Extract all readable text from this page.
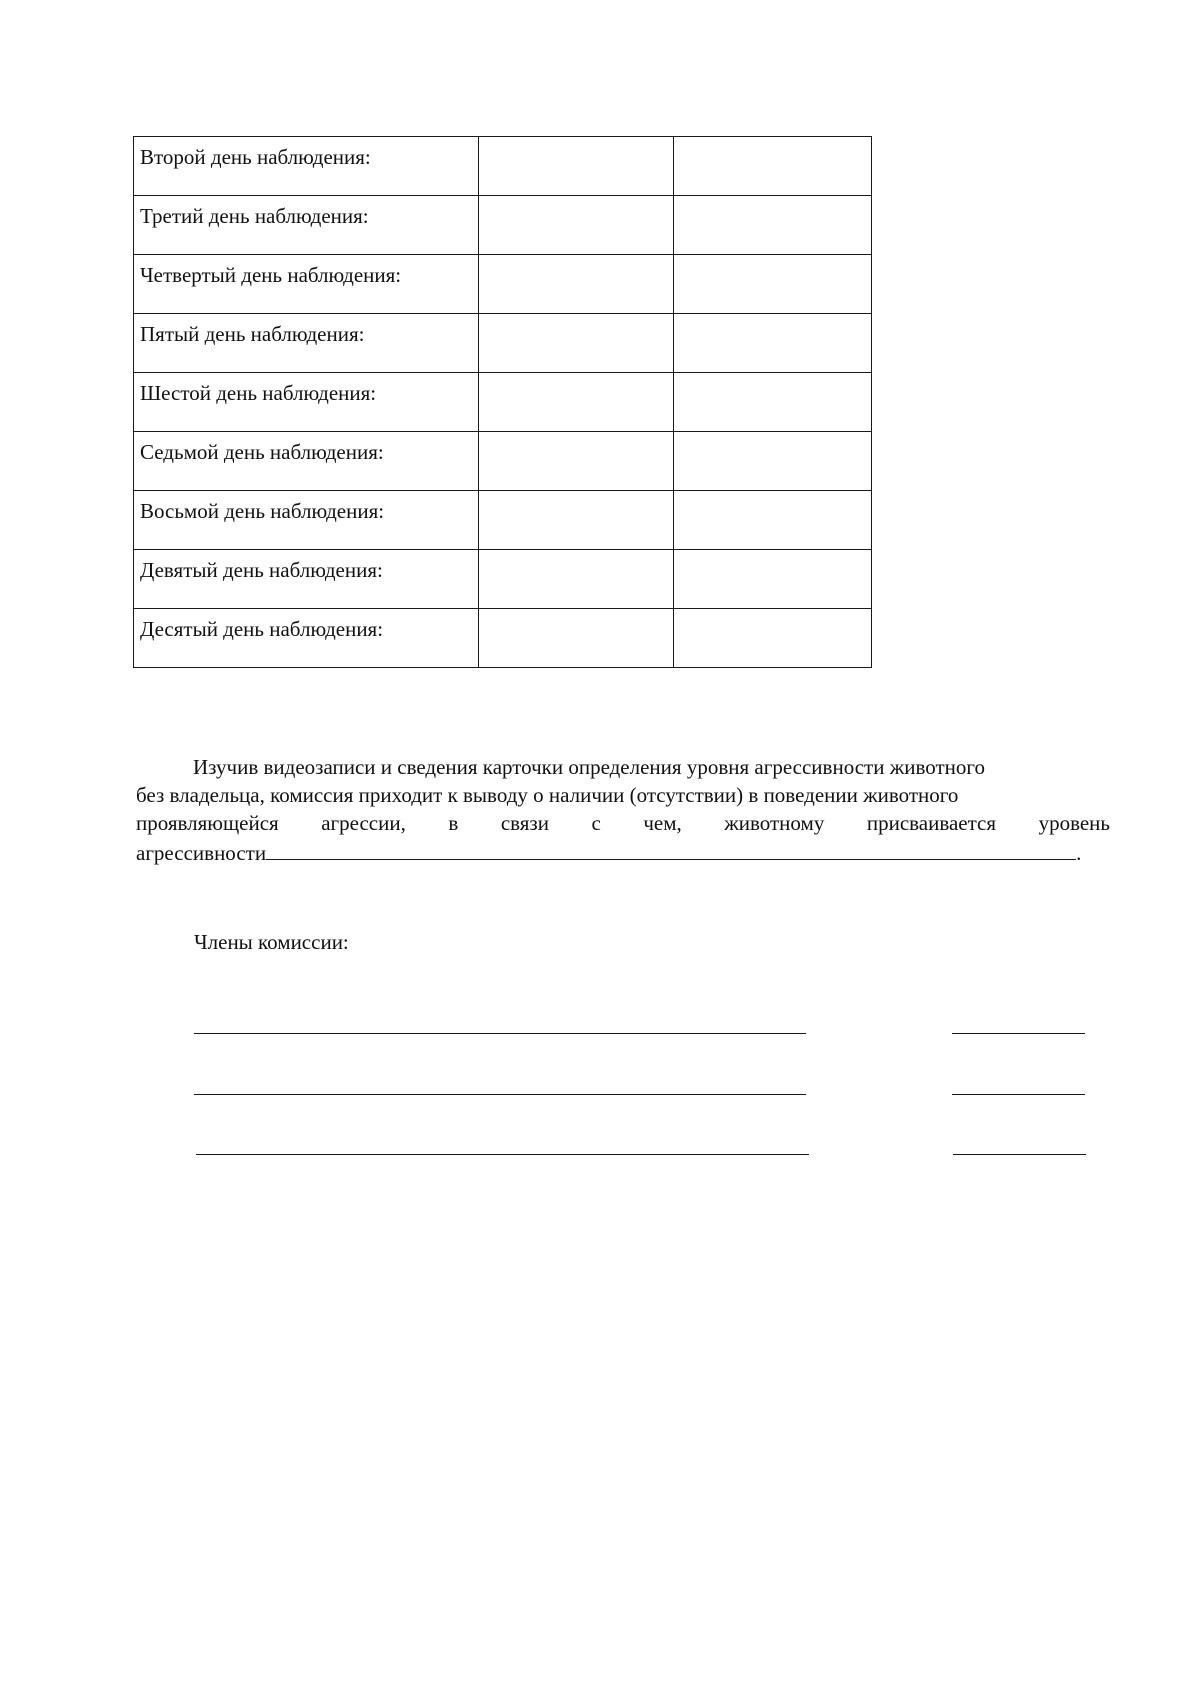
Второй день наблюдения:		

Третий день наблюдения:		

Четвертый день наблюдения:		

Пятый день наблюдения:		

Шестой день наблюдения:		

Седьмой день наблюдения:		

Восьмой день наблюдения:		

Девятый день наблюдения:		

Десятый день наблюдения:		

Изучив видеозаписи и сведения карточки определения уровня агрессивности животного
без владельца, комиссия приходит к выводу о наличии (отсутствии) в поведении животного
проявляющейся агрессии, в связи с чем, животному присваивается уровень
агрессивности	.
Члены комиссии:
